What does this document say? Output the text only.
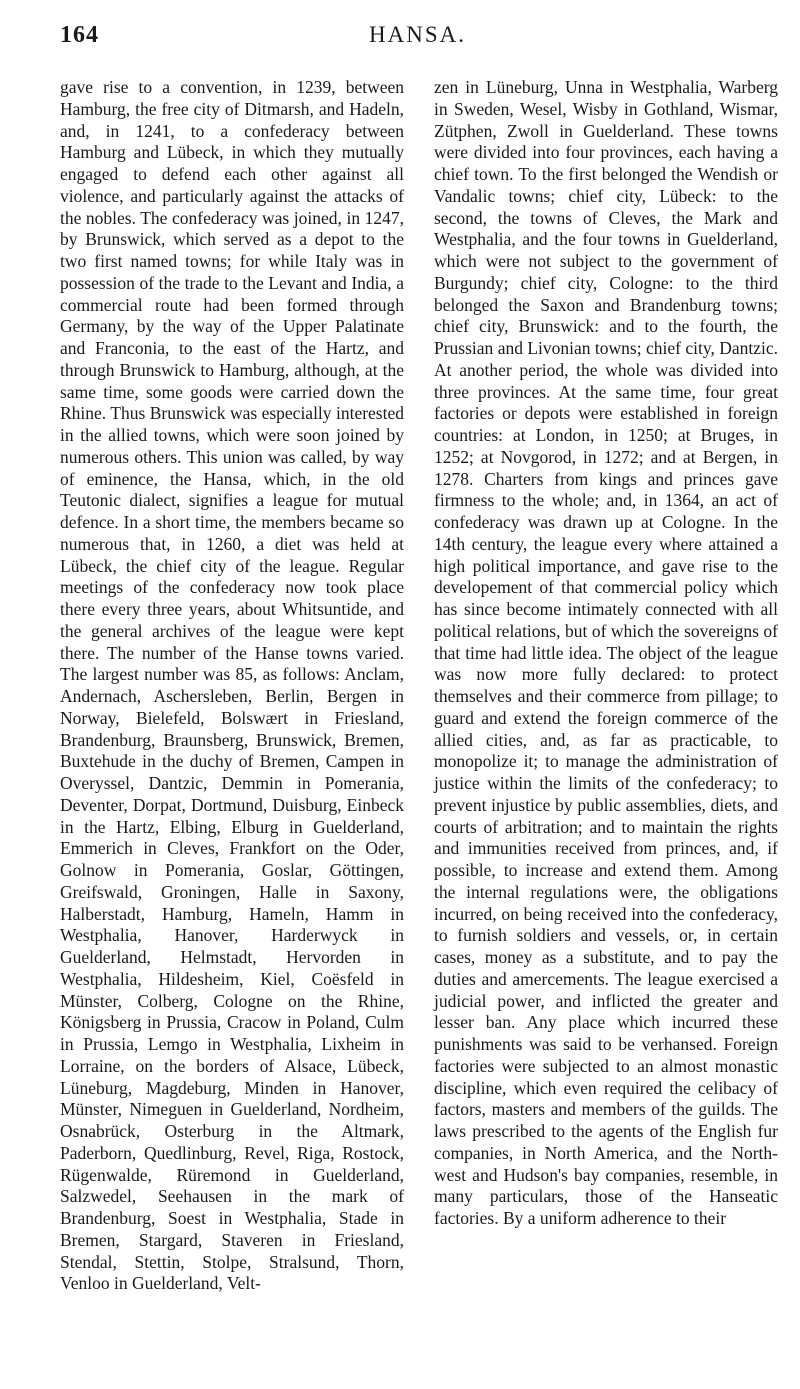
164	HANSA.

gave rise to a convention, in 1239, between Hamburg, the free city of Ditmarsh, and Hadeln, and, in 1241, to a confederacy between Hamburg and Lübeck, in which they mutually engaged to defend each other against all violence, and particularly against the attacks of the nobles. The confederacy was joined, in 1247, by Brunswick, which served as a depot to the two first named towns; for while Italy was in possession of the trade to the Levant and India, a commercial route had been formed through Germany, by the way of the Upper Palatinate and Franconia, to the east of the Hartz, and through Brunswick to Hamburg, although, at the same time, some goods were carried down the Rhine. Thus Brunswick was especially interested in the allied towns, which were soon joined by numerous others. This union was called, by way of eminence, the Hansa, which, in the old Teutonic dialect, signifies a league for mutual defence. In a short time, the members became so numerous that, in 1260, a diet was held at Lübeck, the chief city of the league. Regular meetings of the confederacy now took place there every three years, about Whitsuntide, and the general archives of the league were kept there. The number of the Hanse towns varied. The largest number was 85, as follows: Anclam, Andernach, Aschersleben, Berlin, Bergen in Norway, Bielefeld, Bolswært in Friesland, Brandenburg, Braunsberg, Brunswick, Bremen, Buxtehude in the duchy of Bremen, Campen in Overyssel, Dantzic, Demmin in Pomerania, Deventer, Dorpat, Dortmund, Duisburg, Einbeck in the Hartz, Elbing, Elburg in Guelderland, Emmerich in Cleves, Frankfort on the Oder, Golnow in Pomerania, Goslar, Göttingen, Greifswald, Groningen, Halle in Saxony, Halberstadt, Hamburg, Hameln, Hamm in Westphalia, Hanover, Harderwyck in Guelderland, Helmstadt, Hervorden in Westphalia, Hildesheim, Kiel, Coësfeld in Münster, Colberg, Cologne on the Rhine, Königsberg in Prussia, Cracow in Poland, Culm in Prussia, Lemgo in Westphalia, Lixheim in Lorraine, on the borders of Alsace, Lübeck, Lüneburg, Magdeburg, Minden in Hanover, Münster, Nimeguen in Guelderland, Nordheim, Osnabrück, Osterburg in the Altmark, Paderborn, Quedlinburg, Revel, Riga, Rostock, Rügenwalde, Rüremond in Guelderland, Salzwedel, Seehausen in the mark of Brandenburg, Soest in Westphalia, Stade in Bremen, Stargard, Staveren in Friesland, Stendal, Stettin, Stolpe, Stralsund, Thorn, Venloo in Guelderland, Velt-

zen in Lüneburg, Unna in Westphalia, Warberg in Sweden, Wesel, Wisby in Gothland, Wismar, Zütphen, Zwoll in Guelderland. These towns were divided into four provinces, each having a chief town. To the first belonged the Wendish or Vandalic towns; chief city, Lübeck: to the second, the towns of Cleves, the Mark and Westphalia, and the four towns in Guelderland, which were not subject to the government of Burgundy; chief city, Cologne: to the third belonged the Saxon and Brandenburg towns; chief city, Brunswick: and to the fourth, the Prussian and Livonian towns; chief city, Dantzic. At another period, the whole was divided into three provinces. At the same time, four great factories or depots were established in foreign countries: at London, in 1250; at Bruges, in 1252; at Novgorod, in 1272; and at Bergen, in 1278. Charters from kings and princes gave firmness to the whole; and, in 1364, an act of confederacy was drawn up at Cologne. In the 14th century, the league every where attained a high political importance, and gave rise to the developement of that commercial policy which has since become intimately connected with all political relations, but of which the sovereigns of that time had little idea. The object of the league was now more fully declared: to protect themselves and their commerce from pillage; to guard and extend the foreign commerce of the allied cities, and, as far as practicable, to monopolize it; to manage the administration of justice within the limits of the confederacy; to prevent injustice by public assemblies, diets, and courts of arbitration; and to maintain the rights and immunities received from princes, and, if possible, to increase and extend them. Among the internal regulations were, the obligations incurred, on being received into the confederacy, to furnish soldiers and vessels, or, in certain cases, money as a substitute, and to pay the duties and amercements. The league exercised a judicial power, and inflicted the greater and lesser ban. Any place which incurred these punishments was said to be verhansed. Foreign factories were subjected to an almost monastic discipline, which even required the celibacy of factors, masters and members of the guilds. The laws prescribed to the agents of the English fur companies, in North America, and the North-west and Hudson's bay companies, resemble, in many particulars, those of the Hanseatic factories. By a uniform adherence to their
